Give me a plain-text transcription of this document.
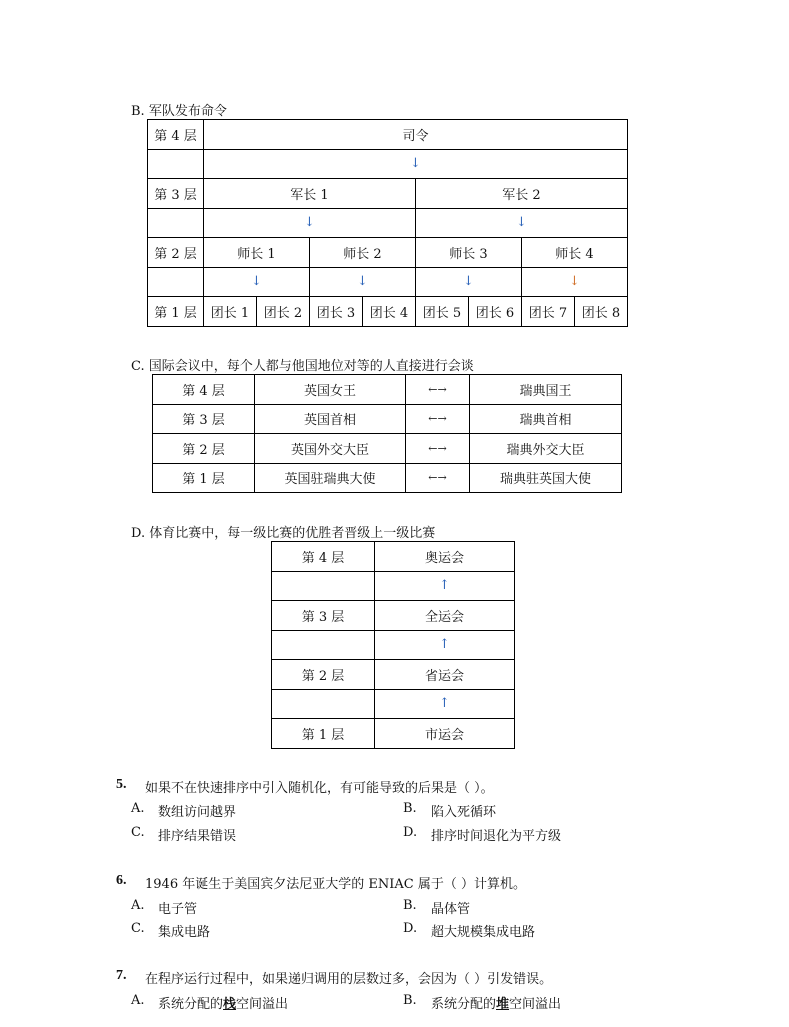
B. 军队发布命令
第 4 层	司令							
	↓							
第 3 层	军长 1				军长 2			
	↓				↓			
第 2 层	师长 1		师长 2		师长 3		师长 4	
	↓		↓		↓		↓	
第 1 层	团长 1	团长 2	团长 3	团长 4	团长 5	团长 6	团长 7	团长 8
C. 国际会议中，每个人都与他国地位对等的人直接进行会谈
第 4 层	英国女王	←→	瑞典国王
第 3 层	英国首相	←→	瑞典首相
第 2 层	英国外交大臣	←→	瑞典外交大臣
第 1 层	英国驻瑞典大使	←→	瑞典驻英国大使
D. 体育比赛中，每一级比赛的优胜者晋级上一级比赛
第 4 层	奥运会
	↑
第 3 层	全运会
	↑
第 2 层	省运会
	↑
第 1 层	市运会
5. 如果不在快速排序中引入随机化，有可能导致的后果是（ ）。
A. 数组访问越界	B. 陷入死循环
C. 排序结果错误	D. 排序时间退化为平方级
6. 1946 年诞生于美国宾夕法尼亚大学的 ENIAC 属于（ ）计算机。
A. 电子管	B. 晶体管
C. 集成电路	D. 超大规模集成电路
7. 在程序运行过程中，如果递归调用的层数过多，会因为（ ）引发错误。
A. 系统分配的栈空间溢出	B. 系统分配的堆空间溢出
